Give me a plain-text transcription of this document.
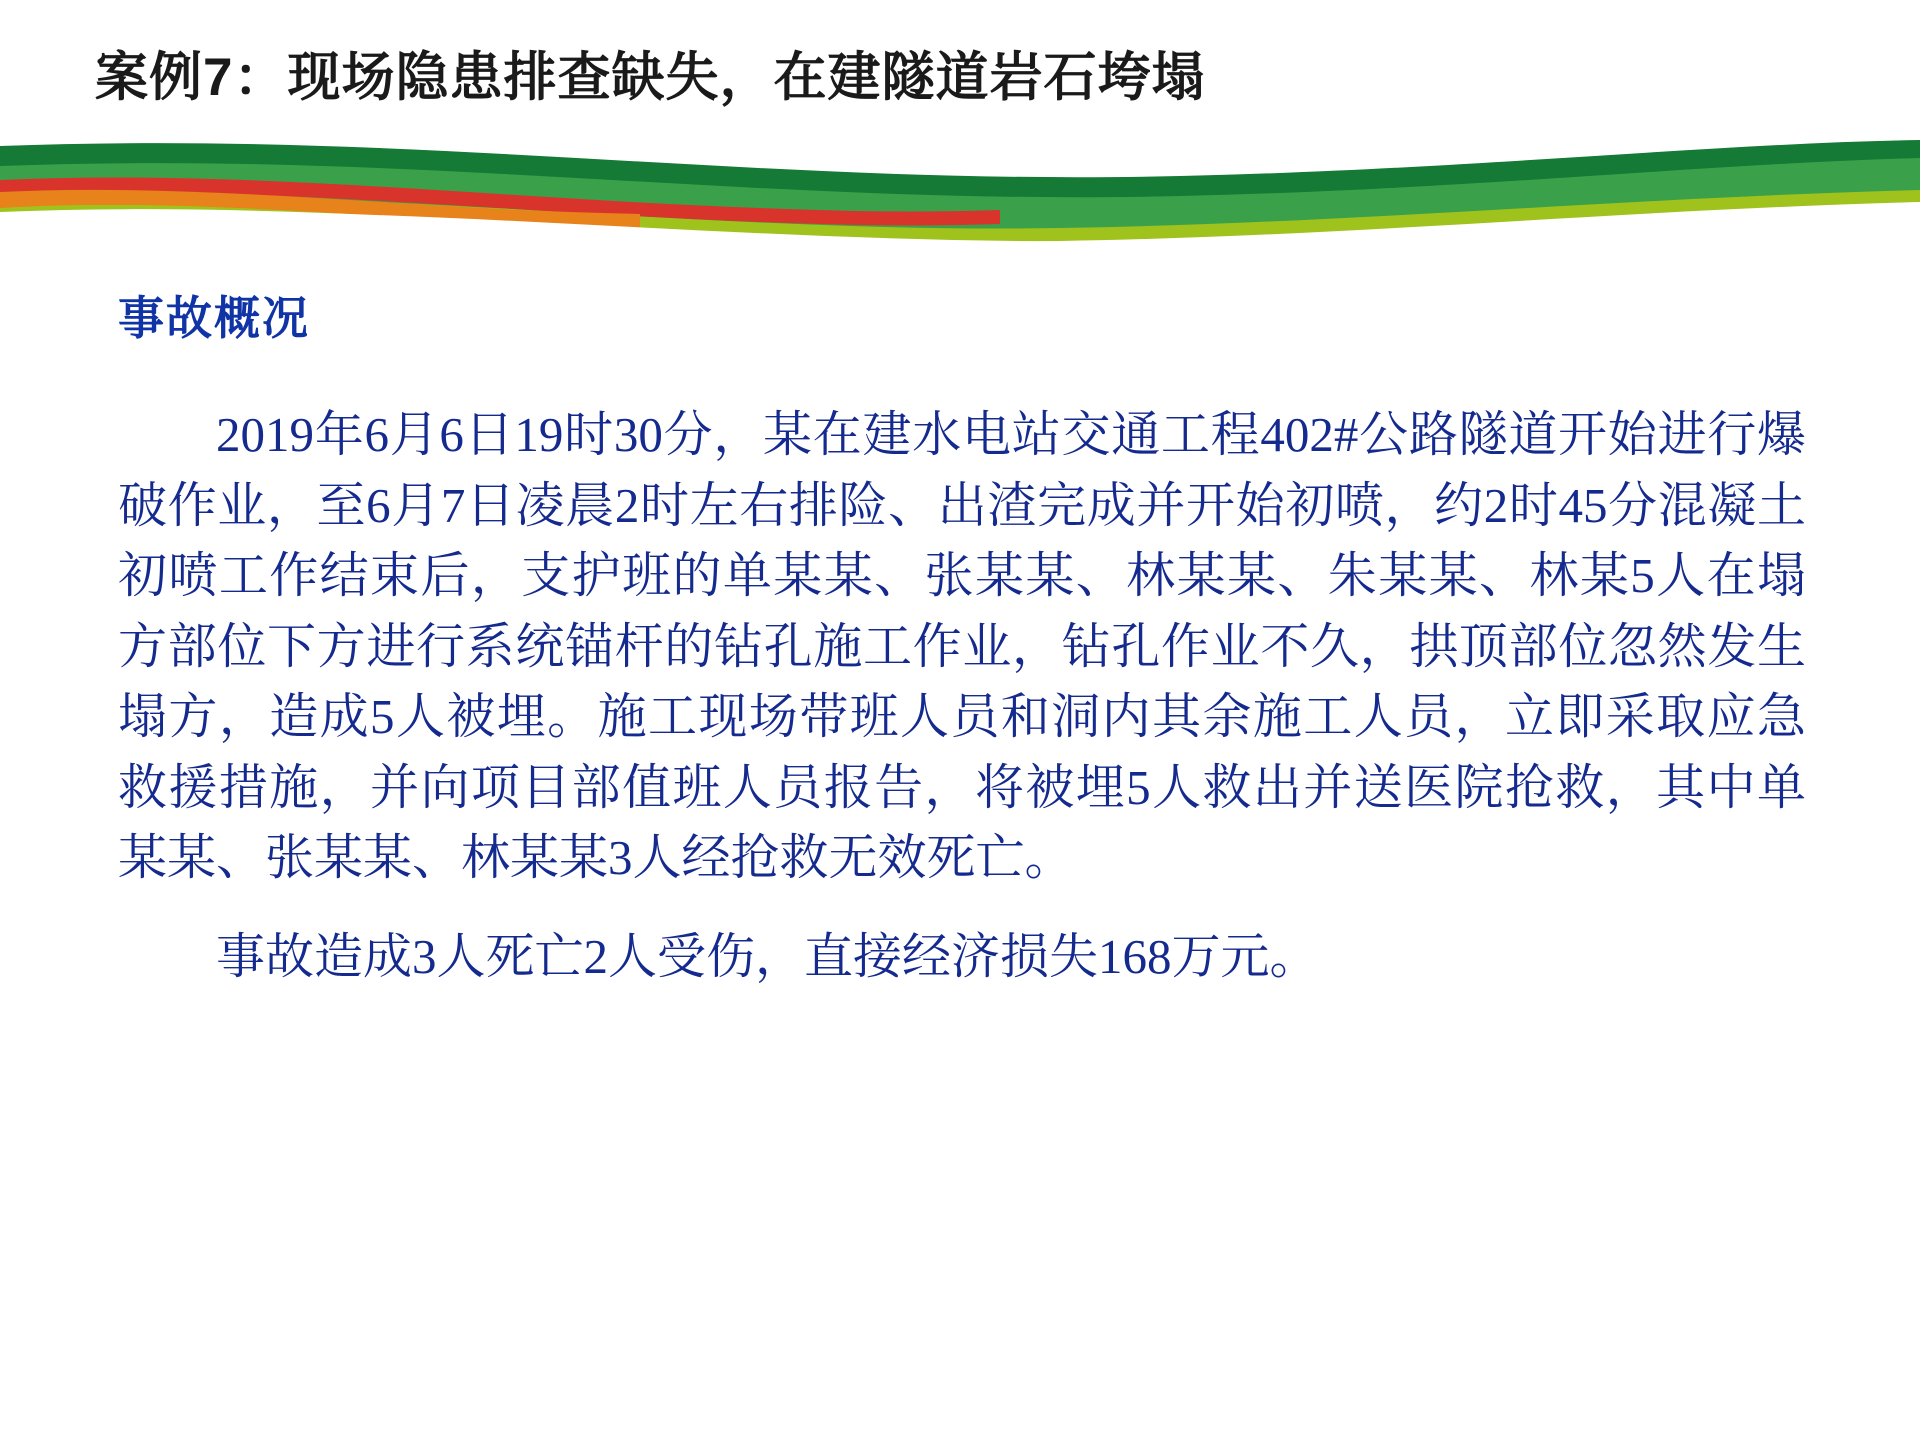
案例7：现场隐患排查缺失，在建隧道岩石垮塌
事故概况

2019年6月6日19时30分，某在建水电站交通工程402#公路隧道开始进行爆破作业，至6月7日凌晨2时左右排险、出渣完成并开始初喷，约2时45分混凝土初喷工作结束后，支护班的单某某、张某某、林某某、朱某某、林某5人在塌方部位下方进行系统锚杆的钻孔施工作业，钻孔作业不久，拱顶部位忽然发生塌方，造成5人被埋。施工现场带班人员和洞内其余施工人员，立即采取应急救援措施，并向项目部值班人员报告，将被埋5人救出并送医院抢救，其中单某某、张某某、林某某3人经抢救无效死亡。

事故造成3人死亡2人受伤，直接经济损失168万元。
